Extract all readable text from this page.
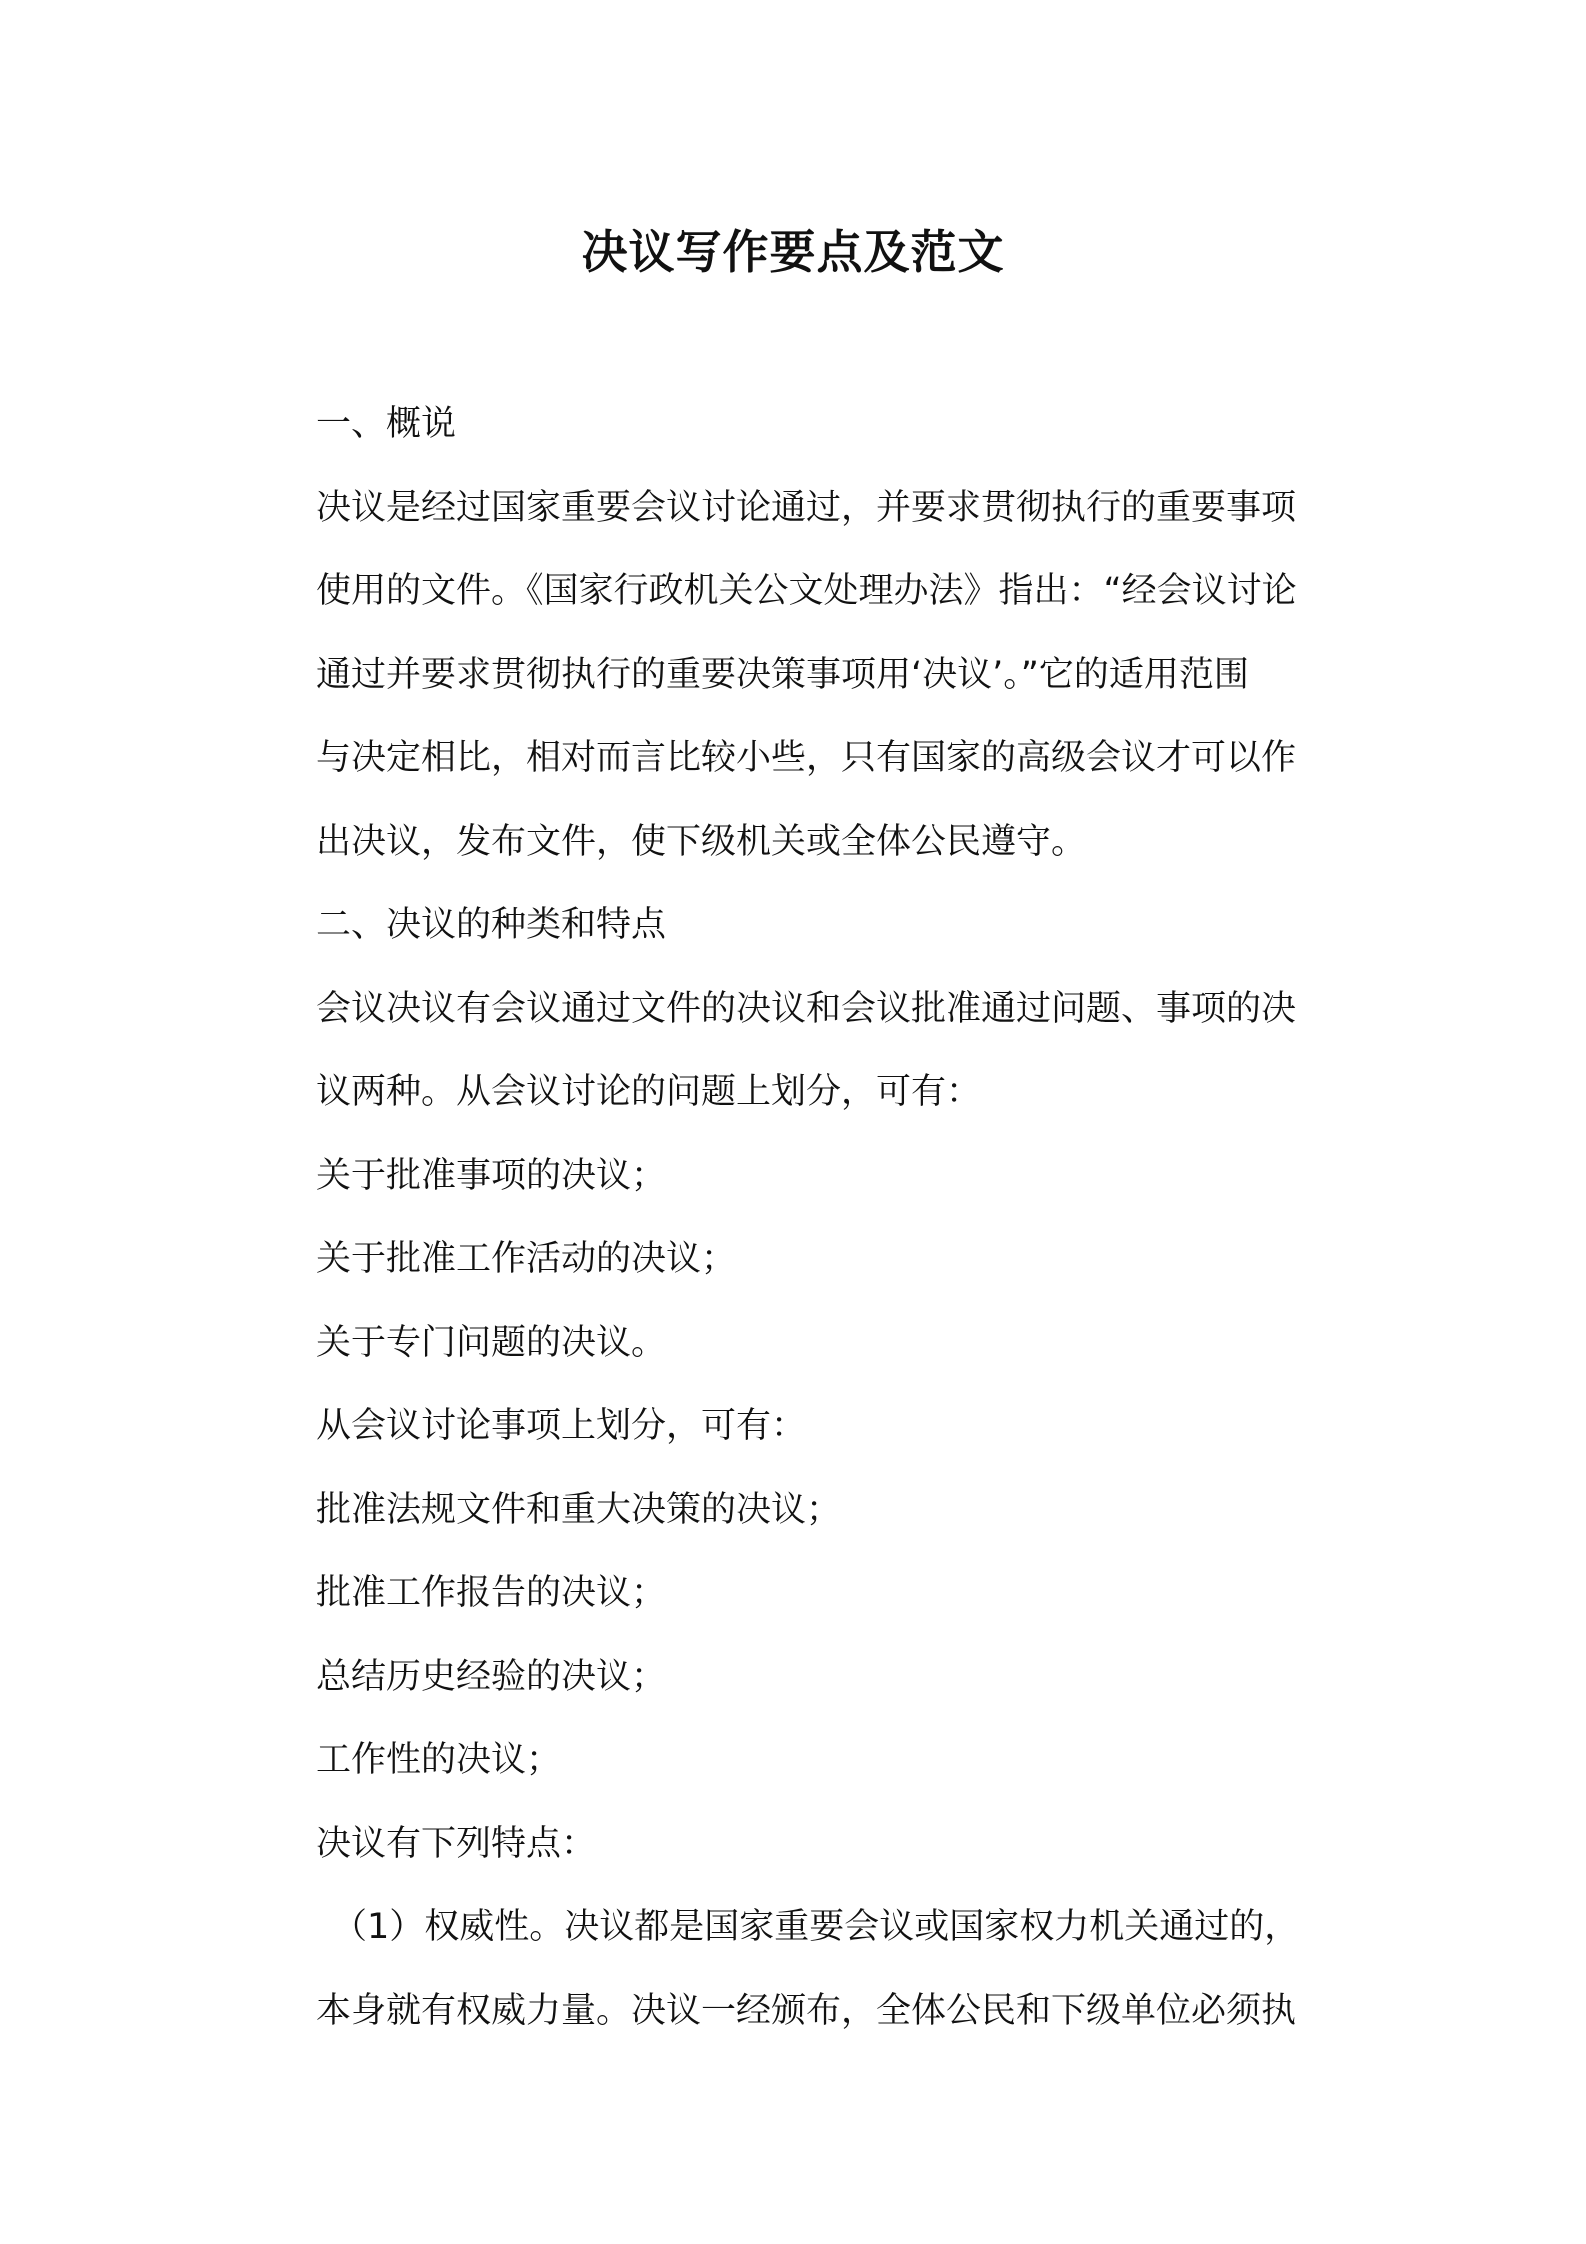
决议写作要点及范文
一、概说
决议是经过国家重要会议讨论通过，并要求贯彻执行的重要事项
使用的文件。《国家行政机关公文处理办法》指出：“经会议讨论
通过并要求贯彻执行的重要决策事项用‘决议’。”它的适用范围
与决定相比，相对而言比较小些，只有国家的高级会议才可以作
出决议，发布文件，使下级机关或全体公民遵守。
二、决议的种类和特点
会议决议有会议通过文件的决议和会议批准通过问题、事项的决
议两种。从会议讨论的问题上划分，可有：
关于批准事项的决议；
关于批准工作活动的决议；
关于专门问题的决议。
从会议讨论事项上划分，可有：
批准法规文件和重大决策的决议；
批准工作报告的决议；
总结历史经验的决议；
工作性的决议；
决议有下列特点：
（1）权威性。决议都是国家重要会议或国家权力机关通过的，
本身就有权威力量。决议一经颁布，全体公民和下级单位必须执
